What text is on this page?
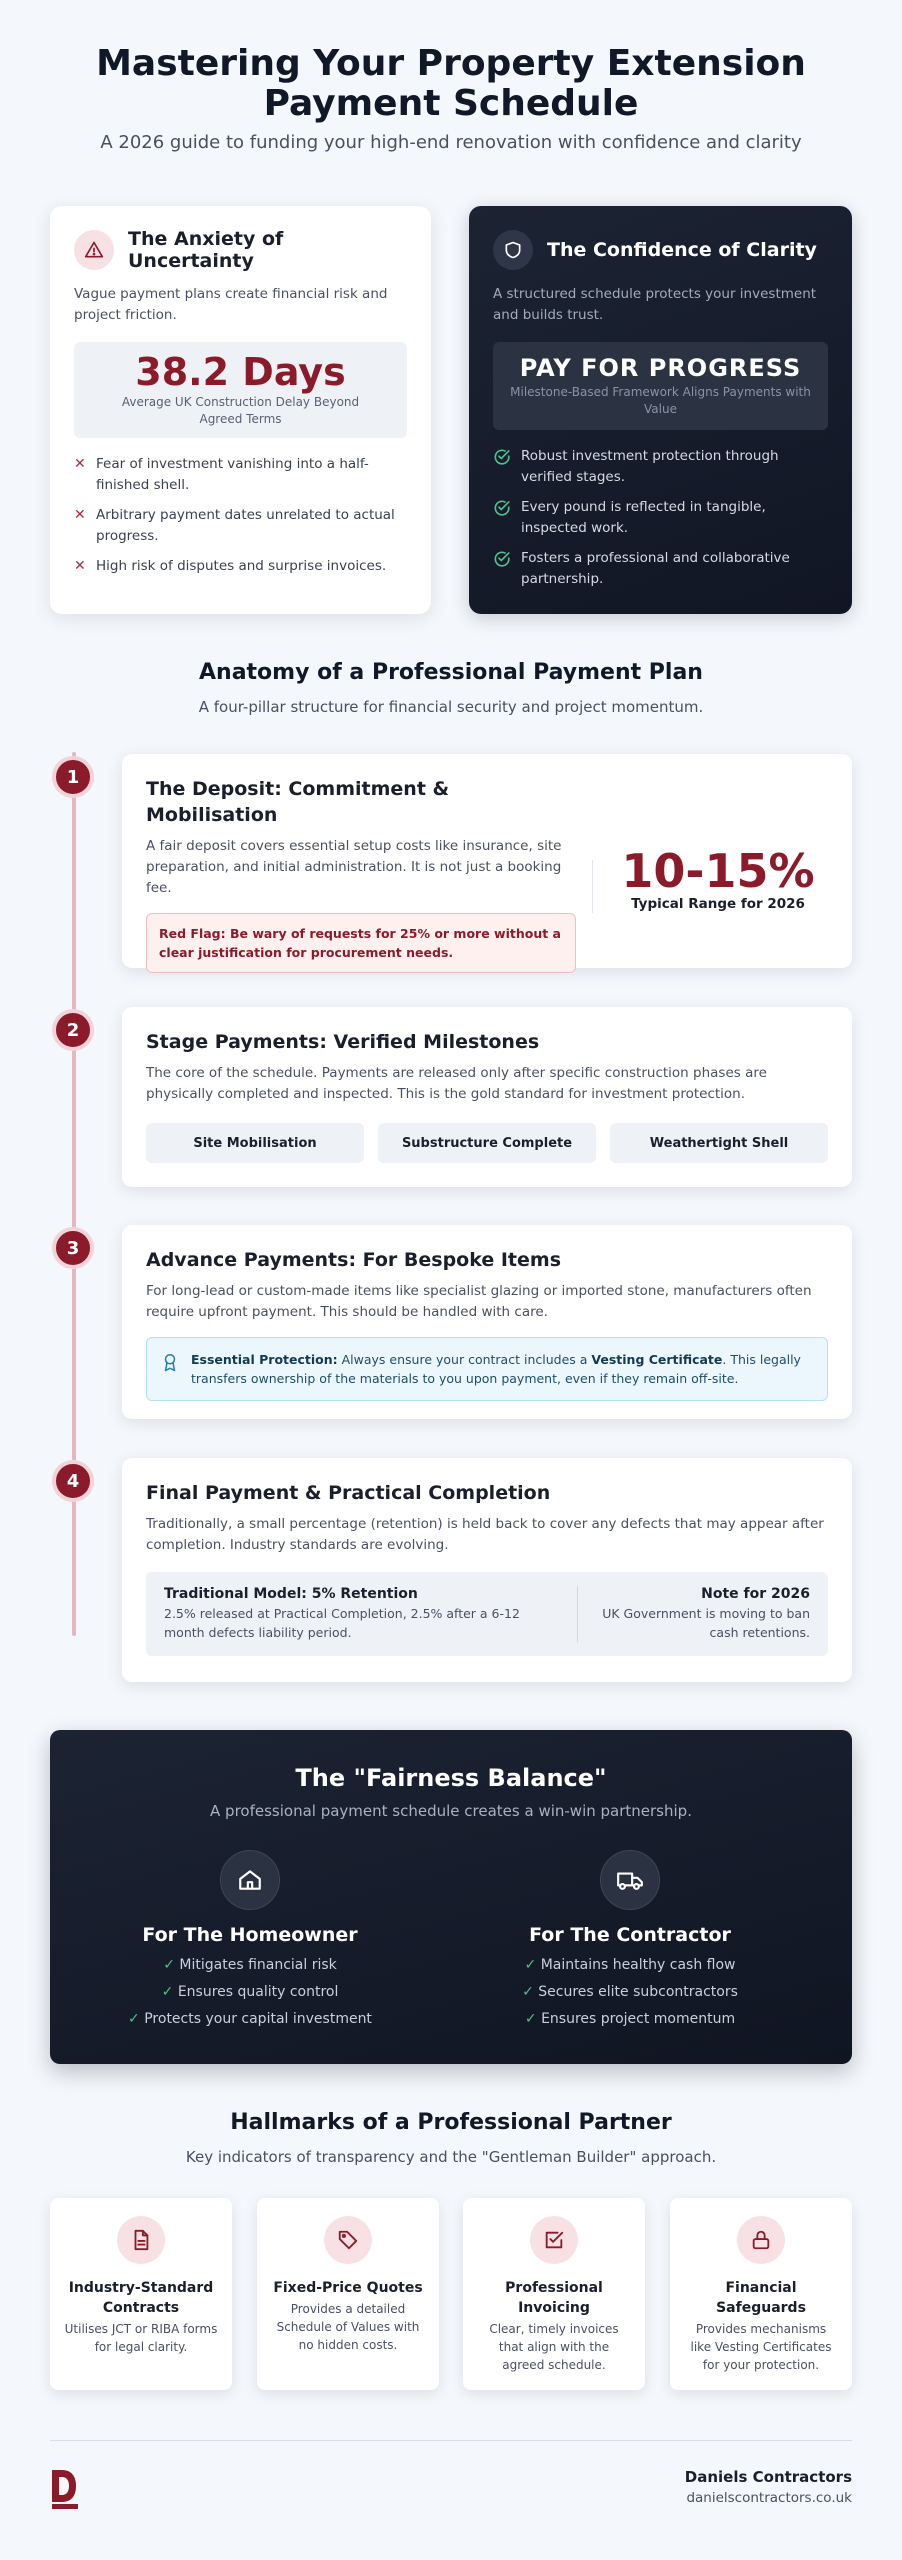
Mastering Your Property Extension
Payment Schedule
A 2026 guide to funding your high-end renovation with confidence and clarity
The Anxiety of Uncertainty
Vague payment plans create financial risk and project friction.
38.2 Days
Average UK Construction Delay Beyond Agreed Terms
✕ Fear of investment vanishing into a half-finished shell.
✕ Arbitrary payment dates unrelated to actual progress.
✕ High risk of disputes and surprise invoices.
The Confidence of Clarity
A structured schedule protects your investment and builds trust.
PAY FOR PROGRESS
Milestone-Based Framework Aligns Payments with Value
Robust investment protection through verified stages.
Every pound is reflected in tangible, inspected work.
Fosters a professional and collaborative partnership.
Anatomy of a Professional Payment Plan
A four-pillar structure for financial security and project momentum.
1
The Deposit: Commitment & Mobilisation
A fair deposit covers essential setup costs like insurance, site preparation, and initial administration. It is not just a booking fee.
Red Flag: Be wary of requests for 25% or more without a clear justification for procurement needs.
10-15%
Typical Range for 2026
2
Stage Payments: Verified Milestones
The core of the schedule. Payments are released only after specific construction phases are physically completed and inspected. This is the gold standard for investment protection.
Site Mobilisation	Substructure Complete	Weathertight Shell
3
Advance Payments: For Bespoke Items
For long-lead or custom-made items like specialist glazing or imported stone, manufacturers often require upfront payment. This should be handled with care.
Essential Protection: Always ensure your contract includes a Vesting Certificate. This legally transfers ownership of the materials to you upon payment, even if they remain off-site.
4
Final Payment & Practical Completion
Traditionally, a small percentage (retention) is held back to cover any defects that may appear after completion. Industry standards are evolving.
Traditional Model: 5% Retention
2.5% released at Practical Completion, 2.5% after a 6-12 month defects liability period.
Note for 2026
UK Government is moving to ban cash retentions.
The "Fairness Balance"
A professional payment schedule creates a win-win partnership.
For The Homeowner
✓ Mitigates financial risk
✓ Ensures quality control
✓ Protects your capital investment
For The Contractor
✓ Maintains healthy cash flow
✓ Secures elite subcontractors
✓ Ensures project momentum
Hallmarks of a Professional Partner
Key indicators of transparency and the "Gentleman Builder" approach.
Industry-Standard Contracts
Utilises JCT or RIBA forms for legal clarity.
Fixed-Price Quotes
Provides a detailed Schedule of Values with no hidden costs.
Professional Invoicing
Clear, timely invoices that align with the agreed schedule.
Financial Safeguards
Provides mechanisms like Vesting Certificates for your protection.
Daniels Contractors
danielscontractors.co.uk
